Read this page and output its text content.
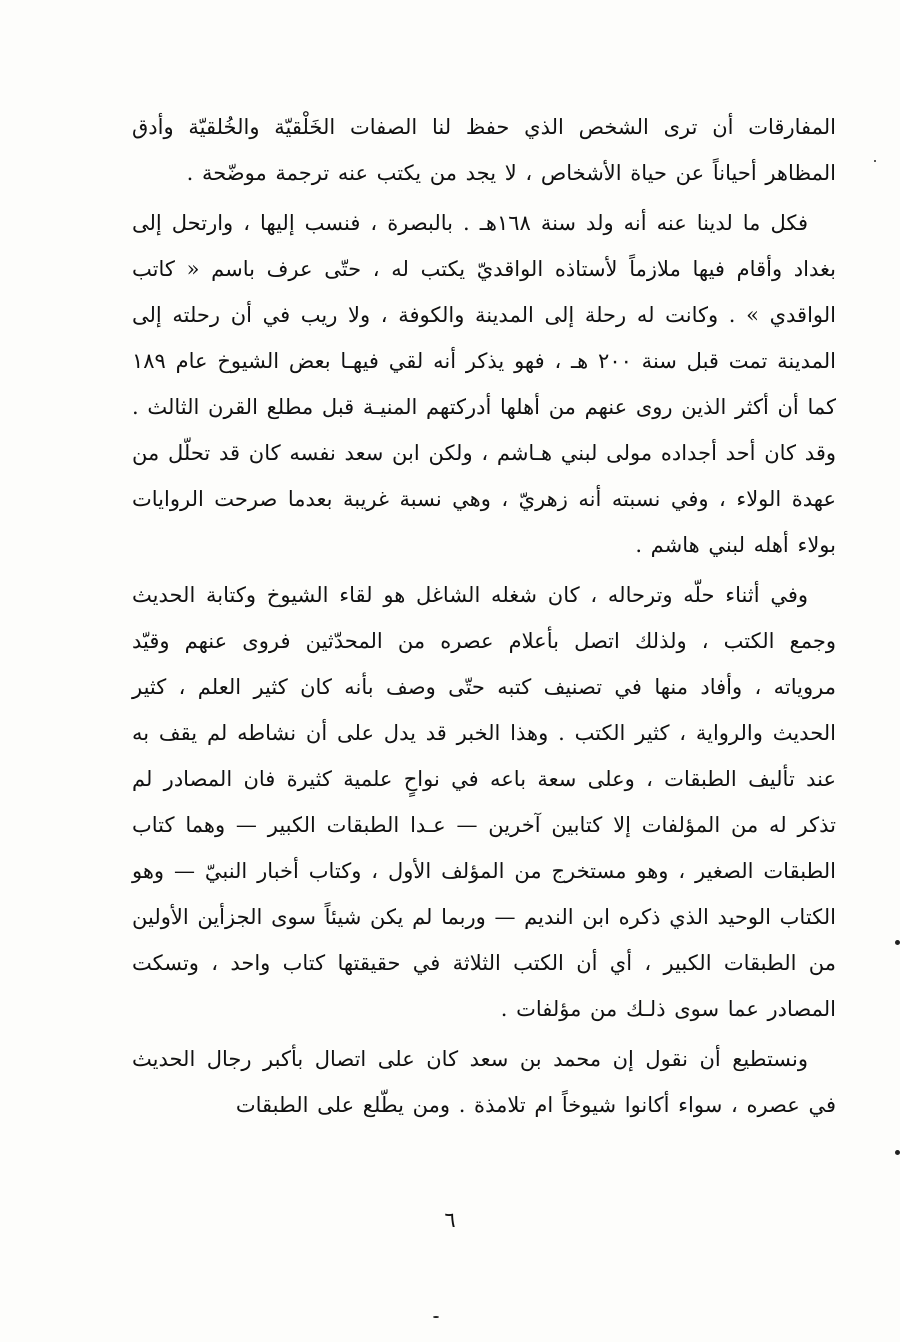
المفارقات أن ترى الشخص الذي حفظ لنا الصفات الخَلْقيّة والخُلقيّة وأدق المظاهر أحياناً عن حياة الأشخاص ، لا يجد من يكتب عنه ترجمة موضّحة .

فكل ما لدينا عنه أنه ولد سنة ١٦٨هـ . بالبصرة ، فنسب إليها ، وارتحل إلى بغداد وأقام فيها ملازماً لأستاذه الواقديّ يكتب له ، حتّى عرف باسم « كاتب الواقدي » . وكانت له رحلة إلى المدينة والكوفة ، ولا ريب في أن رحلته إلى المدينة تمت قبل سنة ٢٠٠ هـ ، فهو يذكر أنه لقي فيهـا بعض الشيوخ عام ١٨٩ كما أن أكثر الذين روى عنهم من أهلها أدركتهم المنيـة قبل مطلع القرن الثالث . وقد كان أحد أجداده مولى لبني هـاشم ، ولكن ابن سعد نفسه كان قد تحلّل من عهدة الولاء ، وفي نسبته أنه زهريّ ، وهي نسبة غريبة بعدما صرحت الروايات بولاء أهله لبني هاشم .

وفي أثناء حلّه وترحاله ، كان شغله الشاغل هو لقاء الشيوخ وكتابة الحديث وجمع الكتب ، ولذلك اتصل بأعلام عصره من المحدّثين فروى عنهم وقيّد مروياته ، وأفاد منها في تصنيف كتبه حتّى وصف بأنه كان كثير العلم ، كثير الحديث والرواية ، كثير الكتب . وهذا الخبر قد يدل على أن نشاطه لم يقف به عند تأليف الطبقات ، وعلى سعة باعه في نواحٍ علمية كثيرة فان المصادر لم تذكر له من المؤلفات إلا كتابين آخرين — عـدا الطبقات الكبير — وهما كتاب الطبقات الصغير ، وهو مستخرج من المؤلف الأول ، وكتاب أخبار النبيّ — وهو الكتاب الوحيد الذي ذكره ابن النديم — وربما لم يكن شيئاً سوى الجزأين الأولين من الطبقات الكبير ، أي أن الكتب الثلاثة في حقيقتها كتاب واحد ، وتسكت المصادر عما سوى ذلـك من مؤلفات .

ونستطيع أن نقول إن محمد بن سعد كان على اتصال بأكبر رجال الحديث في عصره ، سواء أكانوا شيوخاً ام تلامذة . ومن يطّلع على الطبقات

٦
